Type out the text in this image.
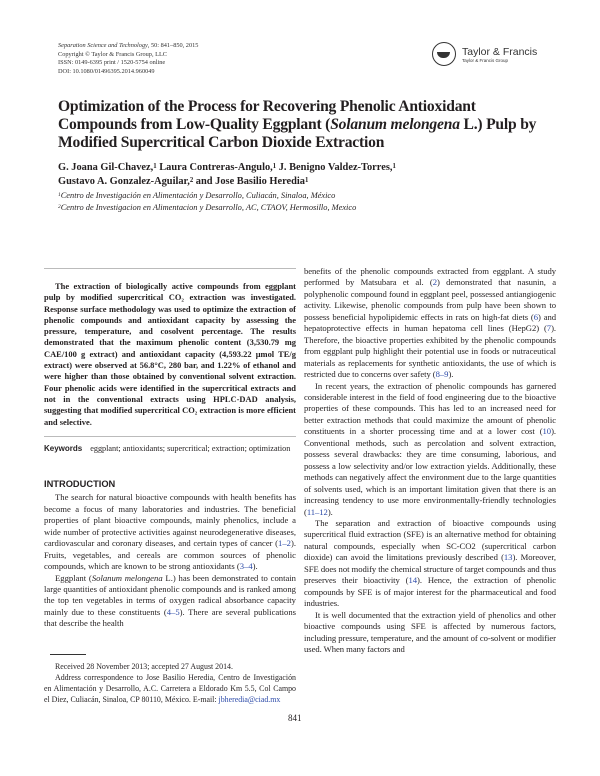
Separation Science and Technology, 50: 841–850, 2015
Copyright © Taylor & Francis Group, LLC
ISSN: 0149-6395 print / 1520-5754 online
DOI: 10.1080/01496395.2014.960049
Taylor & Francis
Taylor & Francis Group
Optimization of the Process for Recovering Phenolic Antioxidant Compounds from Low-Quality Eggplant (Solanum melongena L.) Pulp by Modified Supercritical Carbon Dioxide Extraction
G. Joana Gil-Chavez,$^1$ Laura Contreras-Angulo,$^1$ J. Benigno Valdez-Torres,$^1$
Gustavo A. Gonzalez-Aguilar,$^2$ and Jose Basilio Heredia$^1$
$^1$Centro de Investigación en Alimentación y Desarrollo, Culiacán, Sinaloa, México
$^2$Centro de Investigacion en Alimentacion y Desarrollo, AC, CTAOV, Hermosillo, Mexico

The extraction of biologically active compounds from eggplant pulp by modified supercritical CO₂ extraction was investigated. Response surface methodology was used to optimize the extraction of phenolic compounds and antioxidant capacity by assessing the pressure, temperature, and cosolvent percentage. The results demonstrated that the maximum phenolic content (3,530.79 mg CAE/100 g extract) and antioxidant capacity (4,593.22 μmol TE/g extract) were observed at 56.8°C, 280 bar, and 1.22% of ethanol and were higher than those obtained by conventional solvent extraction. Four phenolic acids were identified in the supercritical extracts and not in the conventional extracts using HPLC-DAD analysis, suggesting that modified supercritical CO₂ extraction is more efficient and selective.

Keywords eggplant; antioxidants; supercritical; extraction; optimization
INTRODUCTION

The search for natural bioactive compounds with health benefits has become a focus of many laboratories and industries. The beneficial properties of plant bioactive compounds, mainly phenolics, include a wide number of protective activities against neurodegenerative diseases, cardiovascular and coronary diseases, and certain types of cancer (1–2). Fruits, vegetables, and cereals are common sources of phenolic compounds, which are known to be strong antioxidants (3–4).

Eggplant (Solanum melongena L.) has been demonstrated to contain large quantities of antioxidant phenolic compounds and is ranked among the top ten vegetables in terms of oxygen radical absorbance capacity mainly due to these constituents (4–5). There are several publications that describe the health

Received 28 November 2013; accepted 27 August 2014.

Address correspondence to Jose Basilio Heredia, Centro de Investigación en Alimentación y Desarrollo, A.C. Carretera a Eldorado Km 5.5, Col Campo el Diez, Culiacán, Sinaloa, CP 80110, México. E-mail: jbheredia@ciad.mx

benefits of the phenolic compounds extracted from eggplant. A study performed by Matsubara et al. (2) demonstrated that nasunin, a polyphenolic compound found in eggplant peel, possessed antiangiogenic activity. Likewise, phenolic compounds from pulp have been shown to possess beneficial hypolipidemic effects in rats on high-fat diets (6) and hepatoprotective effects in human hepatoma cell lines (HepG2) (7). Therefore, the bioactive properties exhibited by the phenolic compounds from eggplant pulp highlight their potential use in foods or nutraceutical materials as replacements for synthetic antioxidants, the use of which is restricted due to concerns over safety (8–9).

In recent years, the extraction of phenolic compounds has garnered considerable interest in the field of food engineering due to the bioactive properties of these compounds. This has led to an increased need for better extraction methods that could maximize the amount of phenolic constituents in a shorter processing time and at a lower cost (10). Conventional methods, such as percolation and solvent extraction, possess several drawbacks: they are time consuming, laborious, and possess a low selectivity and/or low extraction yields. Additionally, these methods can negatively affect the environment due to the large quantities of solvents used, which is an important limitation given that there is an increasing tendency to use more environmentally-friendly technologies (11–12).

The separation and extraction of bioactive compounds using supercritical fluid extraction (SFE) is an alternative method for obtaining natural compounds, especially when SC-CO2 (supercritical carbon dioxide) can avoid the limitations previously described (13). Moreover, SFE does not modify the chemical structure of target compounds and thus preserves their bioactivity (14). Hence, the extraction of phenolic compounds by SFE is of major interest for the pharmaceutical and food industries.

It is well documented that the extraction yield of phenolics and other bioactive compounds using SFE is affected by numerous factors, including pressure, temperature, and the amount of co-solvent or modifier used. When many factors and

841
